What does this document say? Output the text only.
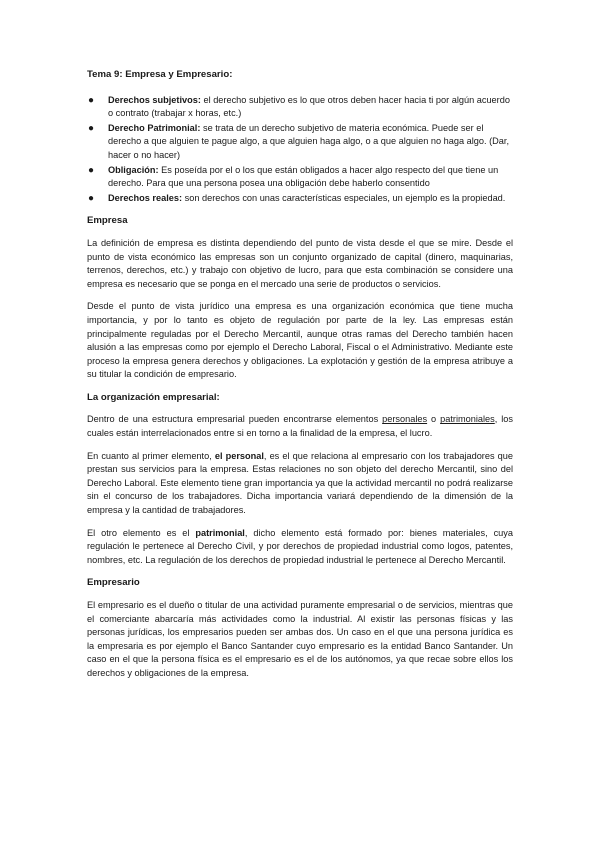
Tema 9: Empresa y Empresario:
● Derechos subjetivos: el derecho subjetivo es lo que otros deben hacer hacia ti por algún acuerdo o contrato (trabajar x horas, etc.)
● Derecho Patrimonial: se trata de un derecho subjetivo de materia económica. Puede ser el derecho a que alguien te pague algo, a que alguien haga algo, o a que alguien no haga algo. (Dar, hacer o no hacer)
● Obligación: Es poseída por el o los que están obligados a hacer algo respecto del que tiene un derecho. Para que una persona posea una obligación debe haberlo consentido
● Derechos reales: son derechos con unas características especiales, un ejemplo es la propiedad.
Empresa

La definición de empresa es distinta dependiendo del punto de vista desde el que se mire. Desde el punto de vista económico las empresas son un conjunto organizado de capital (dinero, maquinarias, terrenos, derechos, etc.) y trabajo con objetivo de lucro, para que esta combinación se considere una empresa es necesario que se ponga en el mercado una serie de productos o servicios.

Desde el punto de vista jurídico una empresa es una organización económica que tiene mucha importancia, y por lo tanto es objeto de regulación por parte de la ley. Las empresas están principalmente reguladas por el Derecho Mercantil, aunque otras ramas del Derecho también hacen alusión a las empresas como por ejemplo el Derecho Laboral, Fiscal o el Administrativo. Mediante este proceso la empresa genera derechos y obligaciones. La explotación y gestión de la empresa atribuye a su titular la condición de empresario.

La organización empresarial:

Dentro de una estructura empresarial pueden encontrarse elementos personales o patrimoniales, los cuales están interrelacionados entre si en torno a la finalidad de la empresa, el lucro.

En cuanto al primer elemento, el personal, es el que relaciona al empresario con los trabajadores que prestan sus servicios para la empresa. Estas relaciones no son objeto del derecho Mercantil, sino del Derecho Laboral. Este elemento tiene gran importancia ya que la actividad mercantil no podrá realizarse sin el concurso de los trabajadores. Dicha importancia variará dependiendo de la dimensión de la empresa y la cantidad de trabajadores.

El otro elemento es el patrimonial, dicho elemento está formado por: bienes materiales, cuya regulación le pertenece al Derecho Civil, y por derechos de propiedad industrial como logos, patentes, nombres, etc. La regulación de los derechos de propiedad industrial le pertenece al Derecho Mercantil.

Empresario

El empresario es el dueño o titular de una actividad puramente empresarial o de servicios, mientras que el comerciante abarcaría más actividades como la industrial. Al existir las personas físicas y las personas jurídicas, los empresarios pueden ser ambas dos. Un caso en el que una persona jurídica es la empresaria es por ejemplo el Banco Santander cuyo empresario es la entidad Banco Santander. Un caso en el que la persona física es el empresario es el de los autónomos, ya que recae sobre ellos los derechos y obligaciones de la empresa.
